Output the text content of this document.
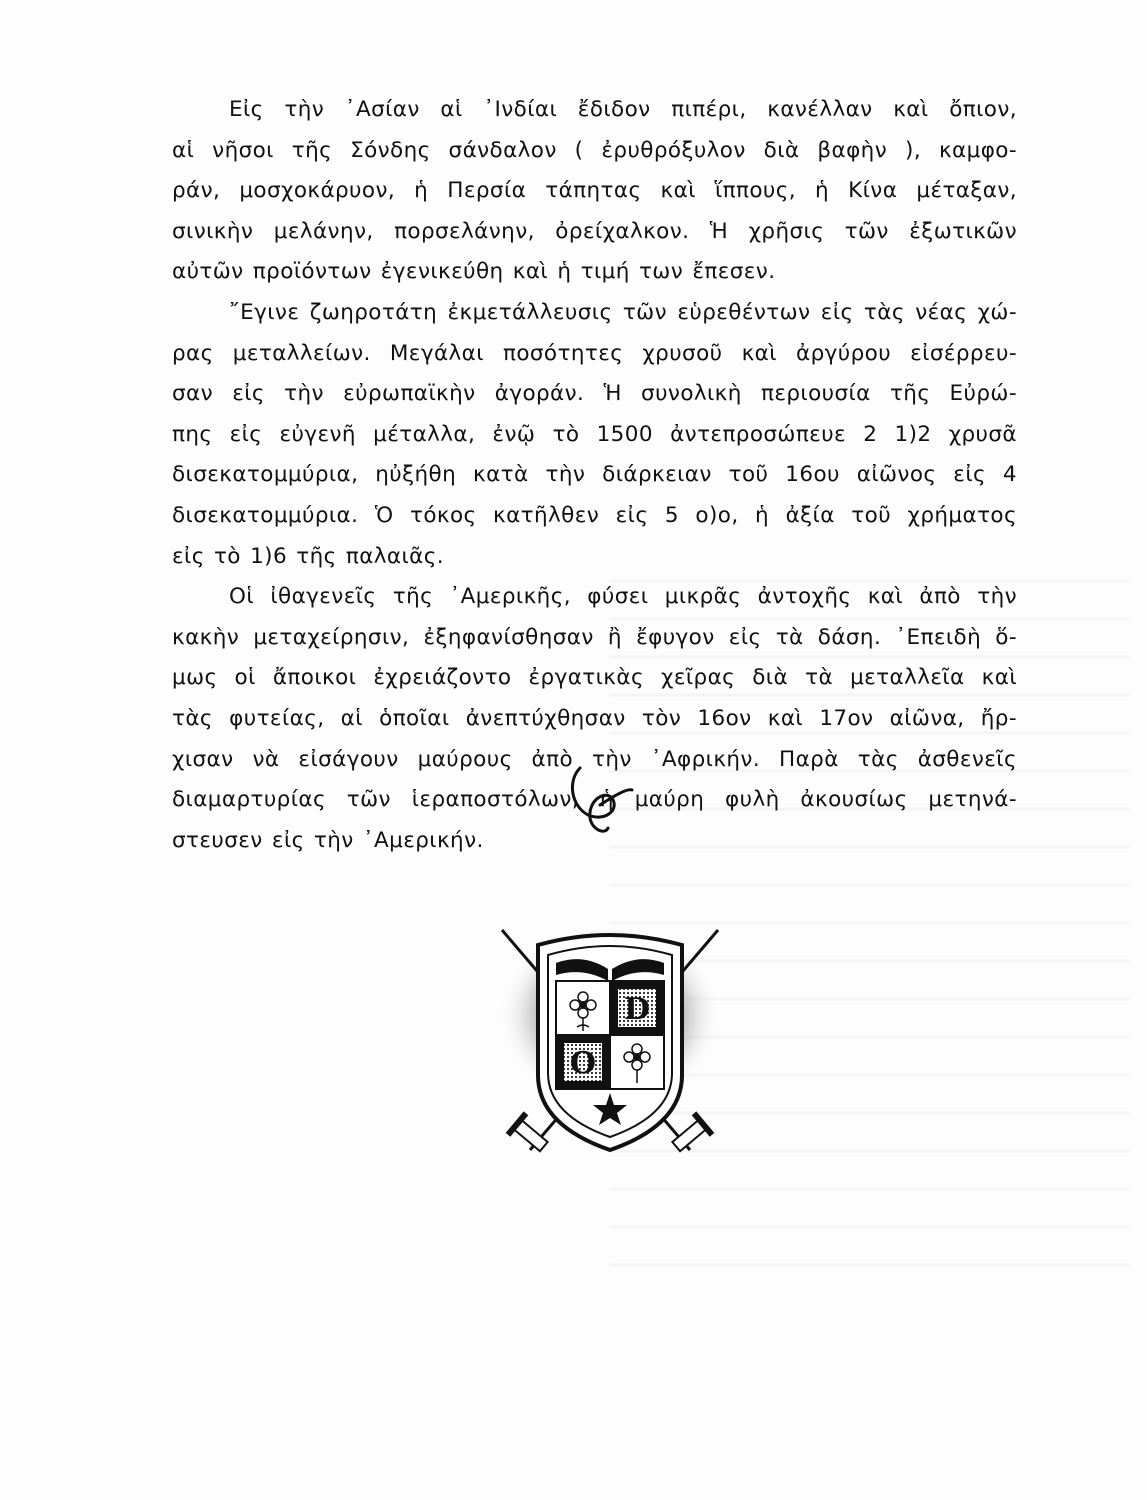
Εἰς τὴν ᾿Ασίαν αἱ ᾿Ινδίαι ἔδιδον πιπέρι, κανέλλαν καὶ ὄπιον,
αἱ νῆσοι τῆς Σόνδης σάνδαλον ( ἐρυθρόξυλον διὰ βαφὴν ), καμφο-
ράν, μοσχοκάρυον, ἡ Περσία τάπητας καὶ ἵππους, ἡ Κίνα μέταξαν,
σινικὴν μελάνην, πορσελάνην, ὀρείχαλκον. Ἡ χρῆσις τῶν ἐξωτικῶν
αὐτῶν προϊόντων ἐγενικεύθη καὶ ἡ τιμή των ἔπεσεν.
῎Εγινε ζωηροτάτη ἐκμετάλλευσις τῶν εὑρεθέντων εἰς τὰς νέας χώ-
ρας μεταλλείων. Μεγάλαι ποσότητες χρυσοῦ καὶ ἀργύρου εἰσέρρευ-
σαν εἰς τὴν εὐρωπαϊκὴν ἀγοράν. Ἡ συνολικὴ περιουσία τῆς Εὐρώ-
πης εἰς εὐγενῆ μέταλλα, ἐνῷ τὸ 1500 ἀντεπροσώπευε 2 1)2 χρυσᾶ
δισεκατομμύρια, ηὐξήθη κατὰ τὴν διάρκειαν τοῦ 16ου αἰῶνος εἰς 4
δισεκατομμύρια. Ὁ τόκος κατῆλθεν εἰς 5 ο)ο, ἡ ἀξία τοῦ χρήματος
εἰς τὸ 1)6 τῆς παλαιᾶς.
Οἱ ἰθαγενεῖς τῆς ᾿Αμερικῆς, φύσει μικρᾶς ἀντοχῆς καὶ ἀπὸ τὴν
κακὴν μεταχείρησιν, ἐξηφανίσθησαν ἢ ἔφυγον εἰς τὰ δάση. ᾿Επειδὴ ὅ-
μως οἱ ἄποικοι ἐχρειάζοντο ἐργατικὰς χεῖρας διὰ τὰ μεταλλεῖα καὶ
τὰς φυτείας, αἱ ὁποῖαι ἀνεπτύχθησαν τὸν 16ον καὶ 17ον αἰῶνα, ἤρ-
χισαν νὰ εἰσάγουν μαύρους ἀπὸ τὴν ᾿Αφρικήν. Παρὰ τὰς ἀσθενεῖς
διαμαρτυρίας τῶν ἱεραποστόλων, ἡ μαύρη φυλὴ ἀκουσίως μετηνά-
στευσεν εἰς τὴν ᾿Αμερικήν.
D
O
